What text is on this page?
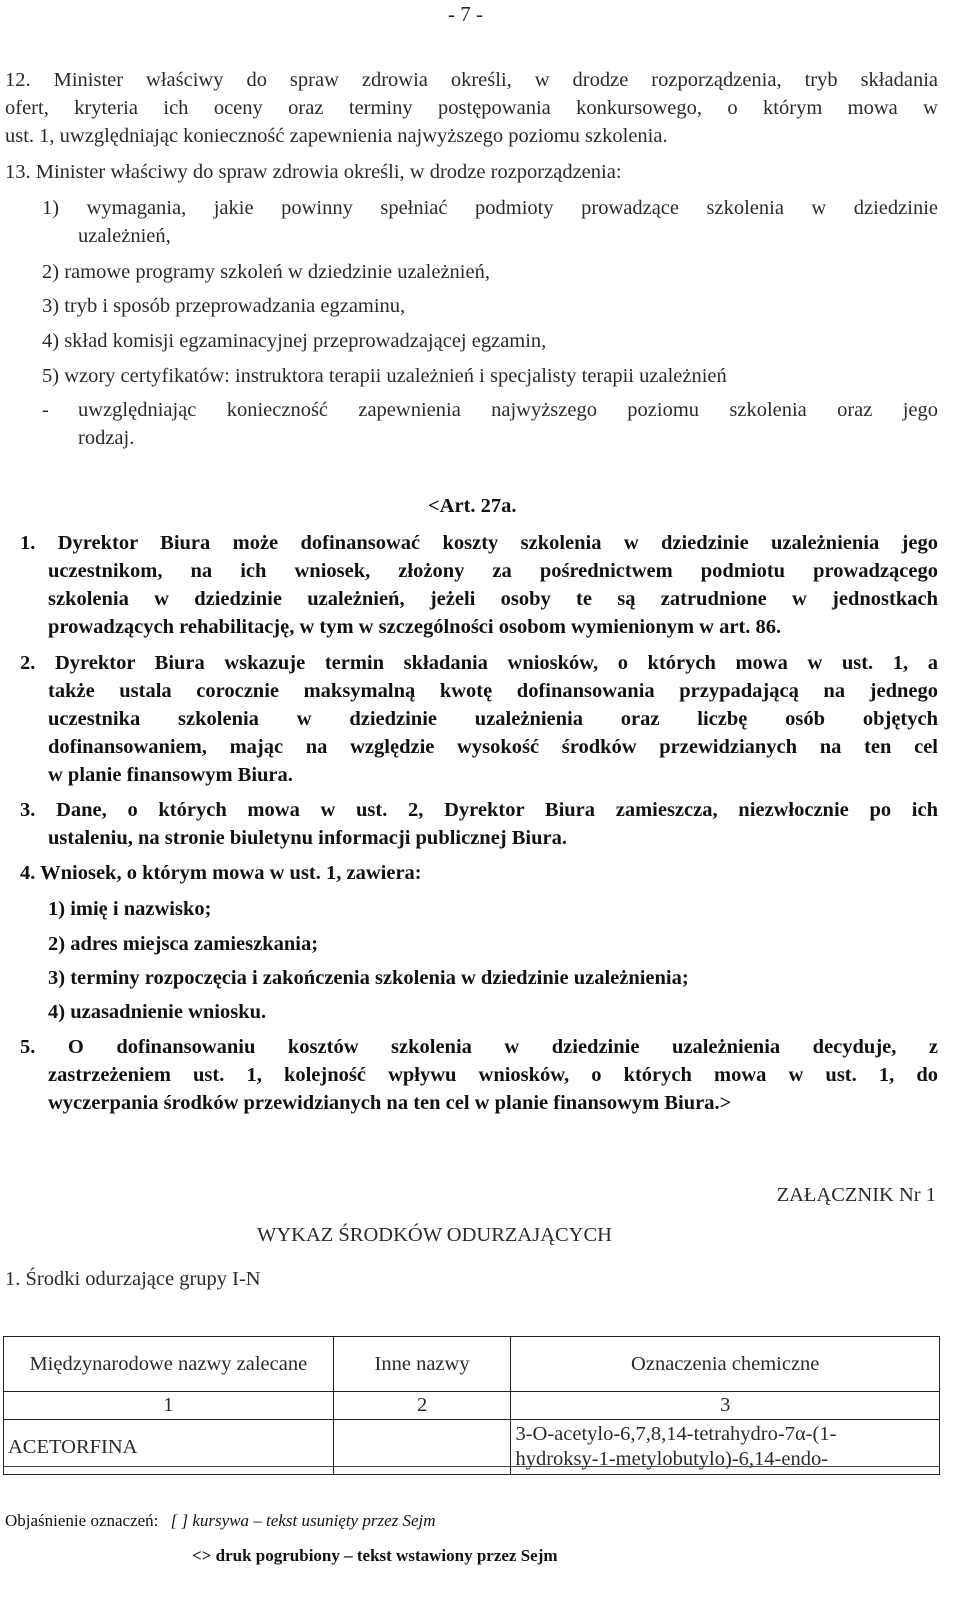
- 7 -
12. Minister właściwy do spraw zdrowia określi, w drodze rozporządzenia, tryb składania
ofert, kryteria ich oceny oraz terminy postępowania konkursowego, o którym mowa w
ust. 1, uwzględniając konieczność zapewnienia najwyższego poziomu szkolenia.
13. Minister właściwy do spraw zdrowia określi, w drodze rozporządzenia:
1) wymagania, jakie powinny spełniać podmioty prowadzące szkolenia w dziedzinie
uzależnień,
2) ramowe programy szkoleń w dziedzinie uzależnień,
3) tryb i sposób przeprowadzania egzaminu,
4) skład komisji egzaminacyjnej przeprowadzającej egzamin,
5) wzory certyfikatów: instruktora terapii uzależnień i specjalisty terapii uzależnień
- uwzględniając konieczność zapewnienia najwyższego poziomu szkolenia oraz jego
rodzaj.
<Art. 27a.
1. Dyrektor Biura może dofinansować koszty szkolenia w dziedzinie uzależnienia jego
uczestnikom, na ich wniosek, złożony za pośrednictwem podmiotu prowadzącego
szkolenia w dziedzinie uzależnień, jeżeli osoby te są zatrudnione w jednostkach
prowadzących rehabilitację, w tym w szczególności osobom wymienionym w art. 86.
2. Dyrektor Biura wskazuje termin składania wniosków, o których mowa w ust. 1, a
także ustala corocznie maksymalną kwotę dofinansowania przypadającą na jednego
uczestnika szkolenia w dziedzinie uzależnienia oraz liczbę osób objętych
dofinansowaniem, mając na względzie wysokość środków przewidzianych na ten cel
w planie finansowym Biura.
3. Dane, o których mowa w ust. 2, Dyrektor Biura zamieszcza, niezwłocznie po ich
ustaleniu, na stronie biuletynu informacji publicznej Biura.
4. Wniosek, o którym mowa w ust. 1, zawiera:
1) imię i nazwisko;
2) adres miejsca zamieszkania;
3) terminy rozpoczęcia i zakończenia szkolenia w dziedzinie uzależnienia;
4) uzasadnienie wniosku.
5. O dofinansowaniu kosztów szkolenia w dziedzinie uzależnienia decyduje, z
zastrzeżeniem ust. 1, kolejność wpływu wniosków, o których mowa w ust. 1, do
wyczerpania środków przewidzianych na ten cel w planie finansowym Biura.>
ZAŁĄCZNIK Nr 1
WYKAZ ŚRODKÓW ODURZAJĄCYCH
1. Środki odurzające grupy I-N
Międzynarodowe nazwy zalecane	Inne nazwy	Oznaczenia chemiczne
1	2	3
ACETORFINA		3-O-acetylo-6,7,8,14-tetrahydro-7α-(1-
hydroksy-1-metylobutylo)-6,14-endo-
Objaśnienie oznaczeń: [ ] kursywa – tekst usunięty przez Sejm
<> druk pogrubiony – tekst wstawiony przez Sejm
